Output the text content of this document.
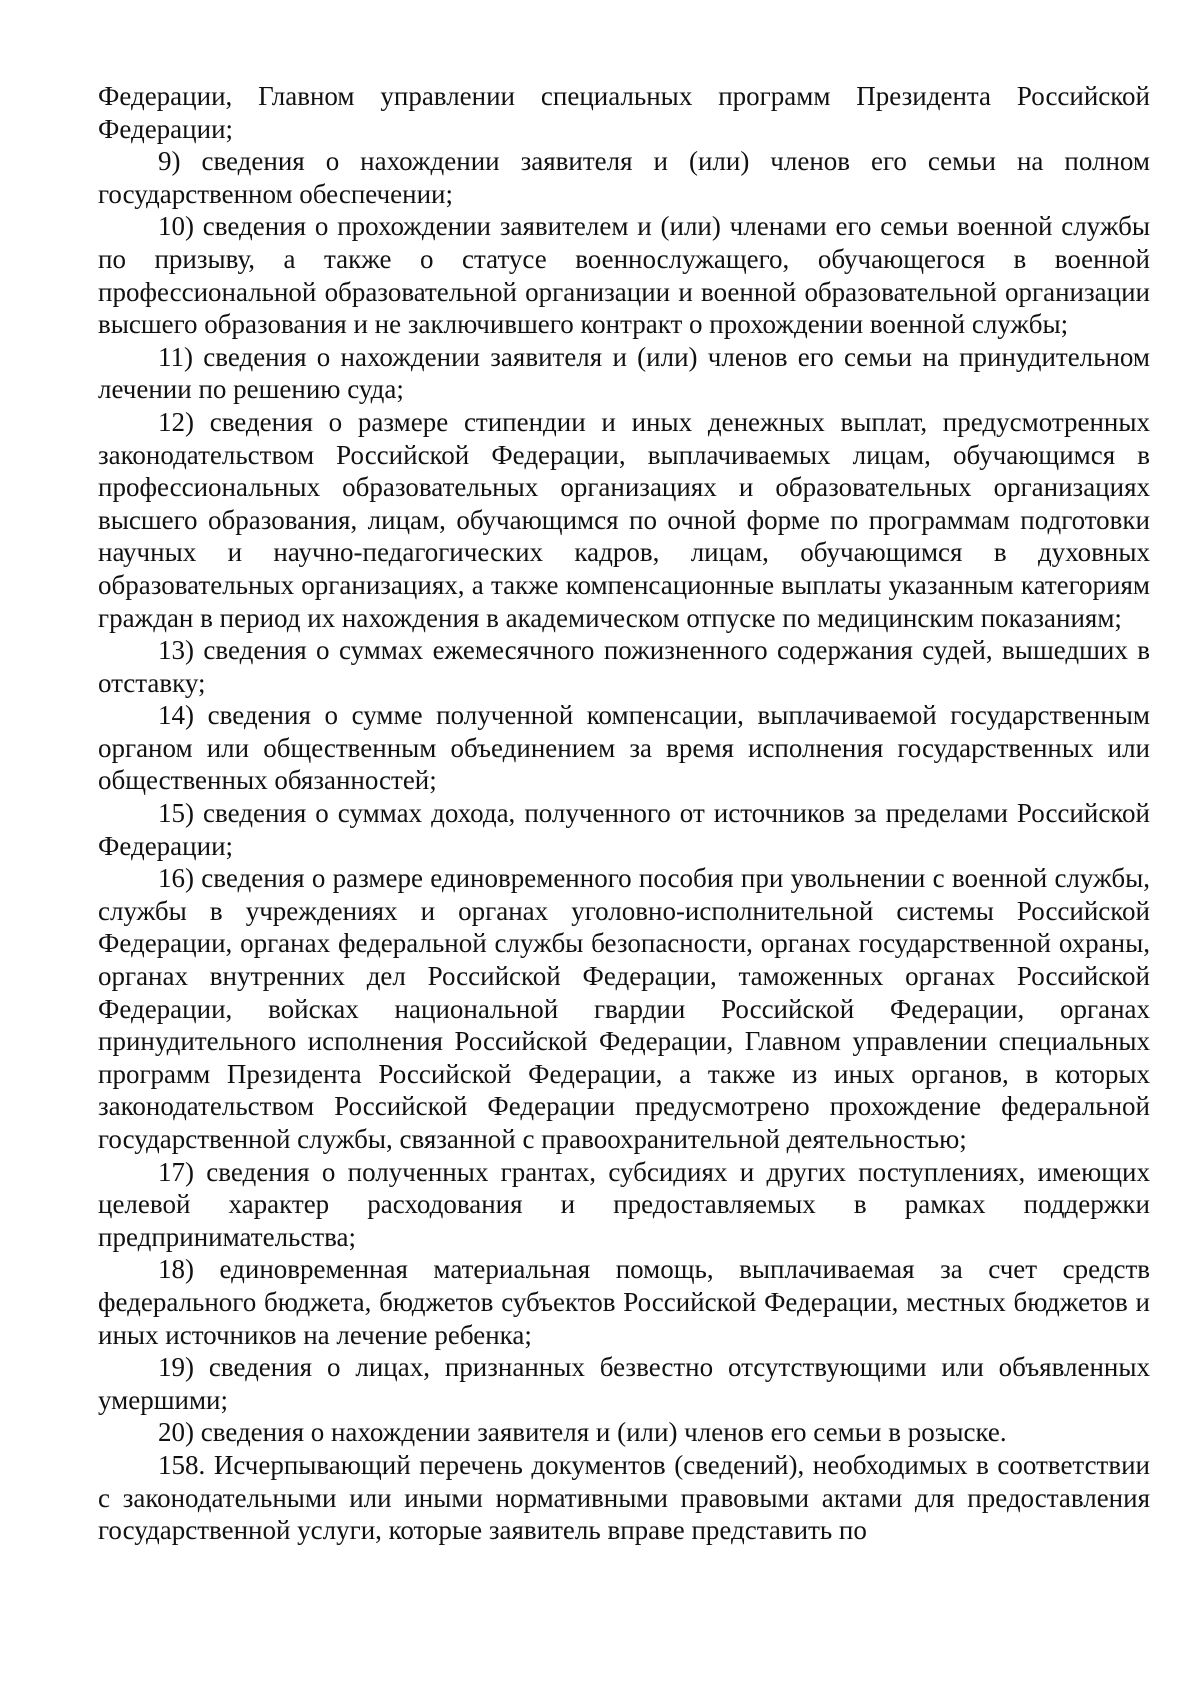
Федерации, Главном управлении специальных программ Президента Российской Федерации;

9) сведения о нахождении заявителя и (или) членов его семьи на полном государственном обеспечении;

10) сведения о прохождении заявителем и (или) членами его семьи военной службы по призыву, а также о статусе военнослужащего, обучающегося в военной профессиональной образовательной организации и военной образовательной организации высшего образования и не заключившего контракт о прохождении военной службы;

11) сведения о нахождении заявителя и (или) членов его семьи на принудительном лечении по решению суда;

12) сведения о размере стипендии и иных денежных выплат, предусмотренных законодательством Российской Федерации, выплачиваемых лицам, обучающимся в профессиональных образовательных организациях и образовательных организациях высшего образования, лицам, обучающимся по очной форме по программам подготовки научных и научно-педагогических кадров, лицам, обучающимся в духовных образовательных организациях, а также компенсационные выплаты указанным категориям граждан в период их нахождения в академическом отпуске по медицинским показаниям;

13) сведения о суммах ежемесячного пожизненного содержания судей, вышедших в отставку;

14) сведения о сумме полученной компенсации, выплачиваемой государственным органом или общественным объединением за время исполнения государственных или общественных обязанностей;

15) сведения о суммах дохода, полученного от источников за пределами Российской Федерации;

16) сведения о размере единовременного пособия при увольнении с военной службы, службы в учреждениях и органах уголовно-исполнительной системы Российской Федерации, органах федеральной службы безопасности, органах государственной охраны, органах внутренних дел Российской Федерации, таможенных органах Российской Федерации, войсках национальной гвардии Российской Федерации, органах принудительного исполнения Российской Федерации, Главном управлении специальных программ Президента Российской Федерации, а также из иных органов, в которых законодательством Российской Федерации предусмотрено прохождение федеральной государственной службы, связанной с правоохранительной деятельностью;

17) сведения о полученных грантах, субсидиях и других поступлениях, имеющих целевой характер расходования и предоставляемых в рамках поддержки предпринимательства;

18) единовременная материальная помощь, выплачиваемая за счет средств федерального бюджета, бюджетов субъектов Российской Федерации, местных бюджетов и иных источников на лечение ребенка;

19) сведения о лицах, признанных безвестно отсутствующими или объявленных умершими;

20) сведения о нахождении заявителя и (или) членов его семьи в розыске.

158. Исчерпывающий перечень документов (сведений), необходимых в соответствии с законодательными или иными нормативными правовыми актами для предоставления государственной услуги, которые заявитель вправе представить по
